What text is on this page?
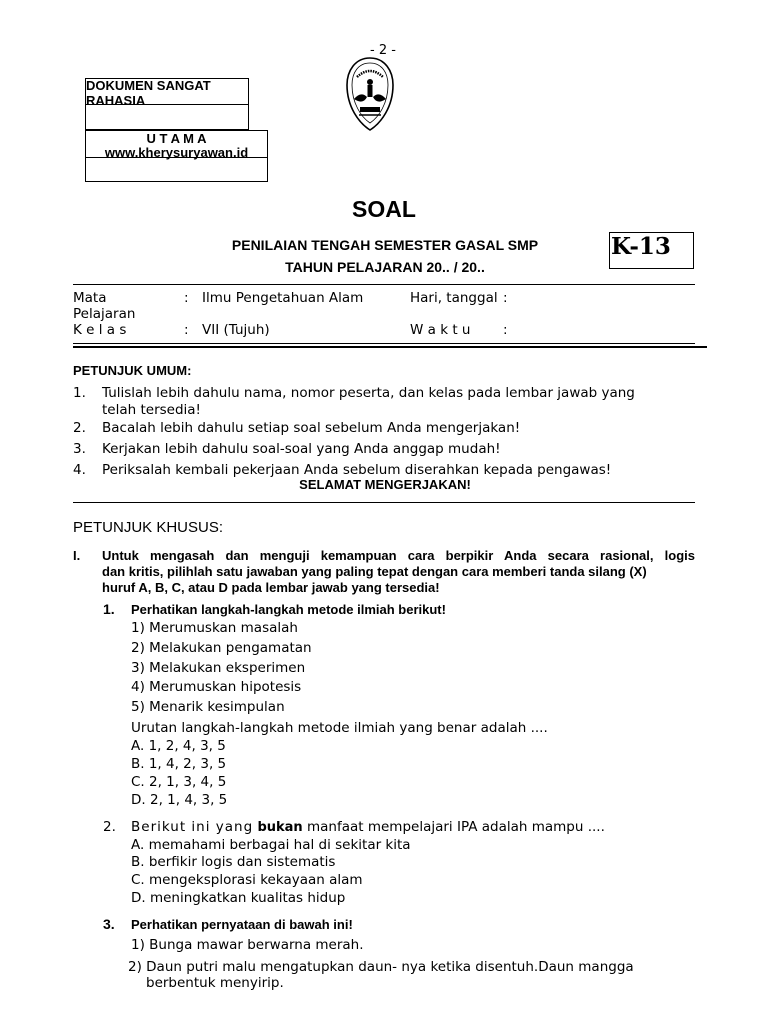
- 2 -
DOKUMEN SANGAT
RAHASIA
U T A M A
www.kherysuryawan.id
SOAL
PENILAIAN TENGAH SEMESTER GASAL SMP
TAHUN PELAJARAN 20.. / 20..
K-13
Mata
Pelajaran
: Ilmu Pengetahuan Alam	Hari, tanggal :
K e l a s	: VII (Tujuh)	W a k t u :
PETUNJUK UMUM:
1. Tulislah lebih dahulu nama, nomor peserta, dan kelas pada lembar jawab yang
telah tersedia!
2. Bacalah lebih dahulu setiap soal sebelum Anda mengerjakan!
3. Kerjakan lebih dahulu soal-soal yang Anda anggap mudah!
4. Periksalah kembali pekerjaan Anda sebelum diserahkan kepada pengawas!
SELAMAT MENGERJAKAN!
PETUNJUK KHUSUS:
I. Untuk mengasah dan menguji kemampuan cara berpikir Anda secara rasional, logis
dan kritis, pilihlah satu jawaban yang paling tepat dengan cara memberi tanda silang (X)
huruf A, B, C, atau D pada lembar jawab yang tersedia!
1. Perhatikan langkah-langkah metode ilmiah berikut!
1) Merumuskan masalah
2) Melakukan pengamatan
3) Melakukan eksperimen
4) Merumuskan hipotesis
5) Menarik kesimpulan
Urutan langkah-langkah metode ilmiah yang benar adalah ....
A. 1, 2, 4, 3, 5
B. 1, 4, 2, 3, 5
C. 2, 1, 3, 4, 5
D. 2, 1, 4, 3, 5
2. Berikut ini yang bukan manfaat mempelajari IPA adalah mampu ....
A. memahami berbagai hal di sekitar kita
B. berfikir logis dan sistematis
C. mengeksplorasi kekayaan alam
D. meningkatkan kualitas hidup
3. Perhatikan pernyataan di bawah ini!
1) Bunga mawar berwarna merah.
2) Daun putri malu mengatupkan daun- nya ketika disentuh.Daun mangga
berbentuk menyirip.
